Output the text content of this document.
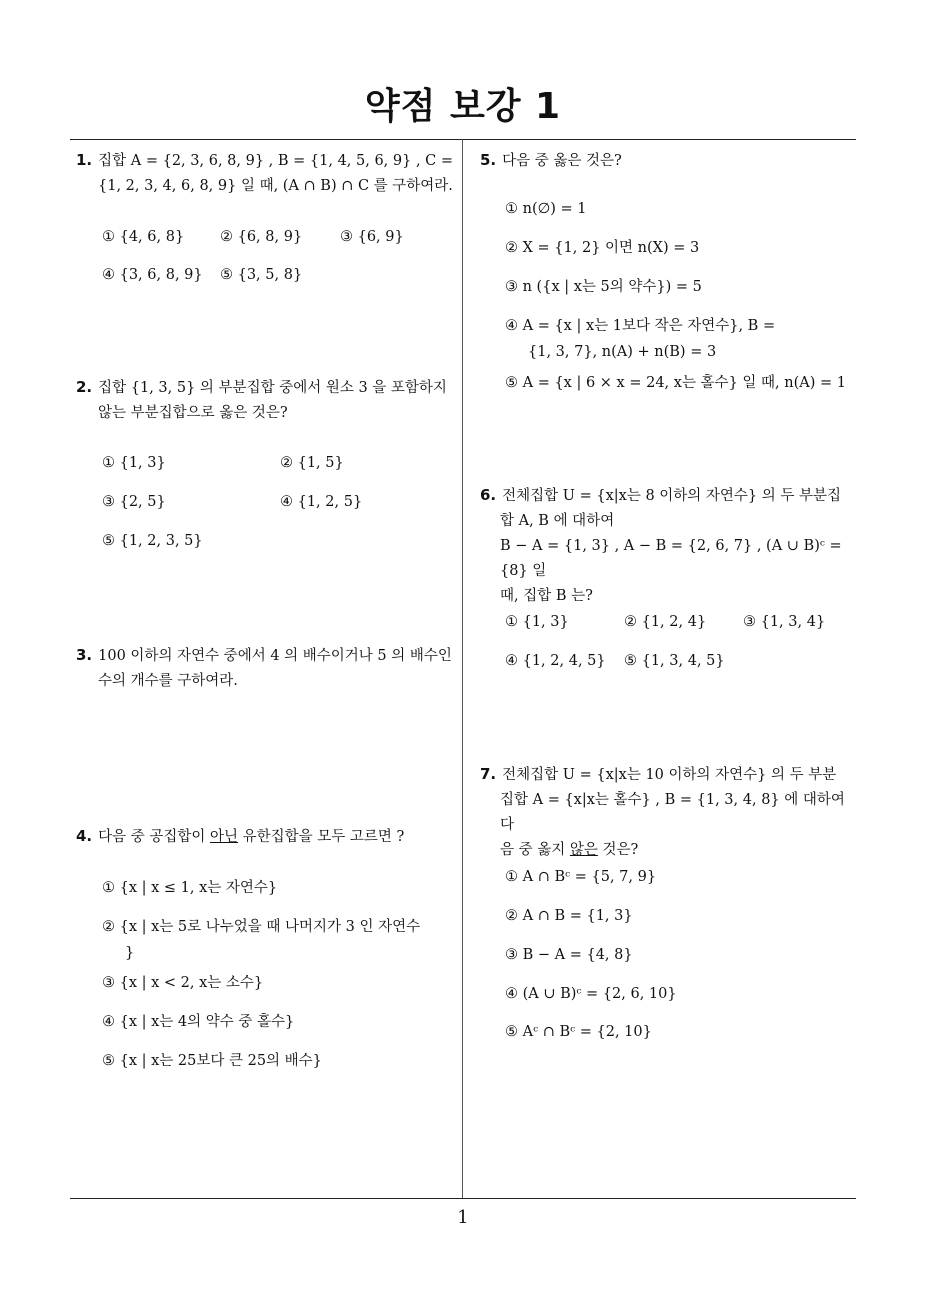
약점 보강 1
1
1. 집합 A = {2, 3, 6, 8, 9} , B = {1, 4, 5, 6, 9} , C =
{1, 2, 3, 4, 6, 8, 9} 일 때, (A ∩ B) ∩ C 를 구하여라.
① {4, 6, 8} ② {6, 8, 9}	③ {6, 9}
④ {3, 6, 8, 9} ⑤ {3, 5, 8}
2. 집합 {1, 3, 5} 의 부분집합 중에서 원소 3 을 포함하지
않는 부분집합으로 옳은 것은?
① {1, 3}	② {1, 5}
③ {2, 5}	④ {1, 2, 5}
⑤ {1, 2, 3, 5}
3. 100 이하의 자연수 중에서 4 의 배수이거나 5 의 배수인
수의 개수를 구하여라.
4. 다음 중 공집합이 아닌 유한집합을 모두 고르면 ?
① {x | x ≤ 1, x는 자연수}
② {x | x는 5로 나누었을 때 나머지가 3 인 자연수
}
③ {x | x < 2, x는 소수}
④ {x | x는 4의 약수 중 홀수}
⑤ {x | x는 25보다 큰 25의 배수}
5. 다음 중 옳은 것은?
① n(∅) = 1
② X = {1, 2} 이면 n(X) = 3
③ n ({x | x는 5의 약수}) = 5
④ A = {x | x는 1보다 작은 자연수}, B =
{1, 3, 7}, n(A) + n(B) = 3
⑤ A = {x | 6 × x = 24, x는 홀수} 일 때, n(A) = 1
6. 전체집합 U = {x|x는 8 이하의 자연수} 의 두 부분집
합 A, B 에 대하여
B − A = {1, 3} , A − B = {2, 6, 7} , (A ∪ B)ᶜ = {8} 일
때, 집합 B 는?
① {1, 3}	② {1, 2, 4}	③ {1, 3, 4}
④ {1, 2, 4, 5} ⑤ {1, 3, 4, 5}
7. 전체집합 U = {x|x는 10 이하의 자연수} 의 두 부분
집합 A = {x|x는 홀수} , B = {1, 3, 4, 8} 에 대하여 다
음 중 옳지 않은 것은?
① A ∩ Bᶜ = {5, 7, 9}
② A ∩ B = {1, 3}
③ B − A = {4, 8}
④ (A ∪ B)ᶜ = {2, 6, 10}
⑤ Aᶜ ∩ Bᶜ = {2, 10}
